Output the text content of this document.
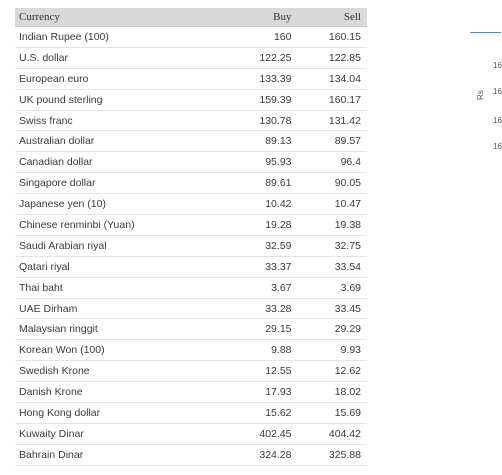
Currency	Buy	Sell
Indian Rupee (100)	160	160.15
U.S. dollar	122.25	122.85
European euro	133.39	134.04
UK pound sterling	159.39	160.17
Swiss franc	130.78	131.42
Australian dollar	89.13	89.57
Canadian dollar	95.93	96.4
Singapore dollar	89.61	90.05
Japanese yen (10)	10.42	10.47
Chinese renminbi (Yuan)	19.28	19.38
Saudi Arabian riyal	32.59	32.75
Qatari riyal	33.37	33.54
Thai baht	3.67	3.69
UAE Dirham	33.28	33.45
Malaysian ringgit	29.15	29.29
Korean Won (100)	9.88	9.93
Swedish Krone	12.55	12.62
Danish Krone	17.93	18.02
Hong Kong dollar	15.62	15.69
Kuwaity Dinar	402.45	404.42
Bahrain Dinar	324.28	325.88
16
16
16
16
Rs
